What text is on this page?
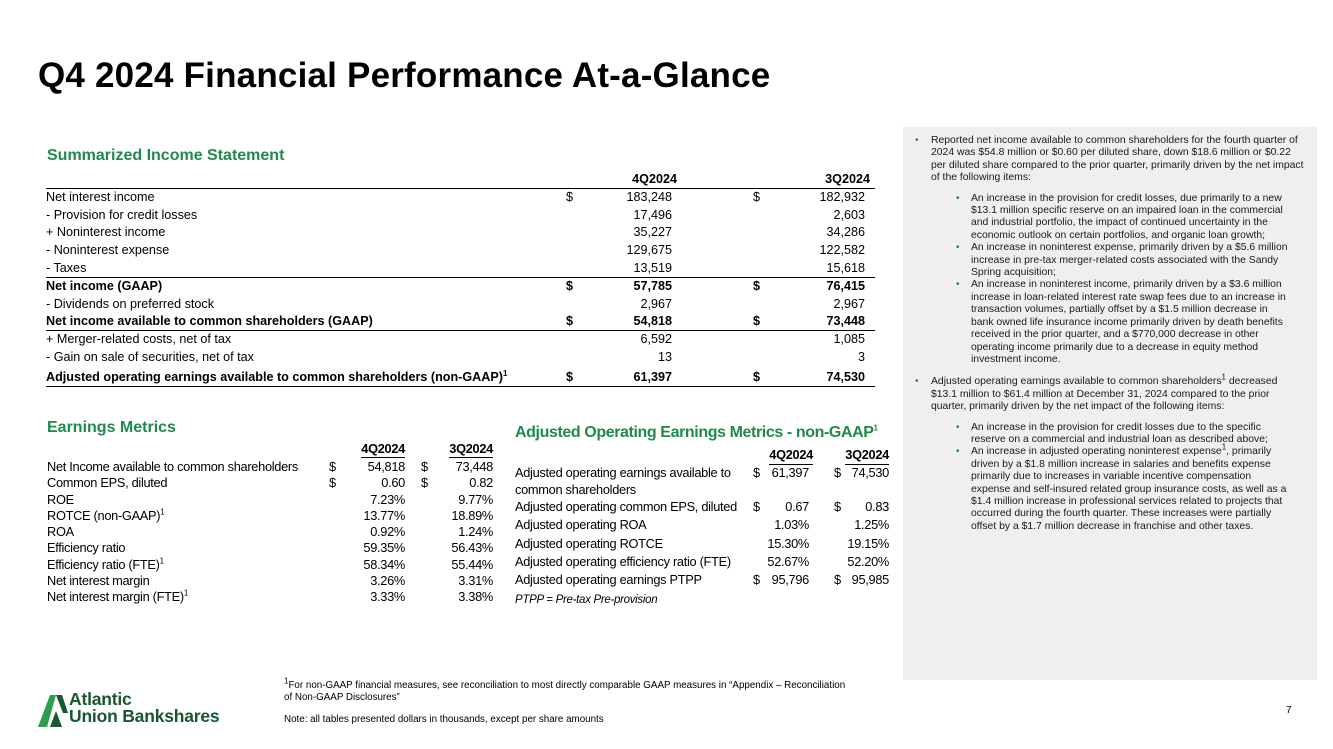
Q4 2024 Financial Performance At-a-Glance
Summarized Income Statement
4Q2024	3Q2024
Net interest income	$	183,248	$	182,932
- Provision for credit losses	17,496	2,603
+ Noninterest income	35,227	34,286
- Noninterest expense	129,675	122,582
- Taxes	13,519	15,618
Net income (GAAP)	$	57,785	$	76,415
- Dividends on preferred stock	2,967	2,967
Net income available to common shareholders (GAAP)	$	54,818	$	73,448
+ Merger-related costs, net of tax	6,592	1,085
- Gain on sale of securities, net of tax	13	3
Adjusted operating earnings available to common shareholders (non-GAAP)$^1$	$	61,397	$	74,530
Earnings Metrics
4Q2024	3Q2024
Net Income available to common shareholders $ 54,818 $ 73,448
Common EPS, diluted	$	0.60 $	0.82
ROE	7.23%	9.77%
ROTCE (non-GAAP)$^1$	13.77%	18.89%
ROA	0.92%	1.24%
Efficiency ratio	59.35%	56.43%
Efficiency ratio (FTE)$^1$	58.34%	55.44%
Net interest margin	3.26%	3.31%
Net interest margin (FTE)$^1$	3.33%	3.38%
Adjusted Operating Earnings Metrics - non-GAAP$^1$
4Q2024	3Q2024
Adjusted operating earnings available to common shareholders
$ 61,397 $ 74,530
Adjusted operating common EPS, diluted	$ 0.67 $ 0.83
Adjusted operating ROA	1.03%	1.25%
Adjusted operating ROTCE	15.30%	19.15%
Adjusted operating efficiency ratio (FTE)	52.67%	52.20%
Adjusted operating earnings PTPP	$ 95,796 $ 95,985
PTPP = Pre-tax Pre-provision
• Reported net income available to common shareholders for the fourth quarter of 2024 was $54.8 million or $0.60 per diluted share, down $18.6 million or $0.22 per diluted share compared to the prior quarter, primarily driven by the net impact of the following items:
• An increase in the provision for credit losses, due primarily to a new $13.1 million specific reserve on an impaired loan in the commercial and industrial portfolio, the impact of continued uncertainty in the economic outlook on certain portfolios, and organic loan growth;
• An increase in noninterest expense, primarily driven by a $5.6 million increase in pre-tax merger-related costs associated with the Sandy Spring acquisition;
• An increase in noninterest income, primarily driven by a $3.6 million increase in loan-related interest rate swap fees due to an increase in transaction volumes, partially offset by a $1.5 million decrease in bank owned life insurance income primarily driven by death benefits received in the prior quarter, and a $770,000 decrease in other operating income primarily due to a decrease in equity method investment income.
• Adjusted operating earnings available to common shareholders$^1$ decreased $13.1 million to $61.4 million at December 31, 2024 compared to the prior quarter, primarily driven by the net impact of the following items:
• An increase in the provision for credit losses due to the specific reserve on a commercial and industrial loan as described above;
• An increase in adjusted operating noninterest expense$^1$, primarily driven by a $1.8 million increase in salaries and benefits expense primarily due to increases in variable incentive compensation expense and self-insured related group insurance costs, as well as a $1.4 million increase in professional services related to projects that occurred during the fourth quarter. These increases were partially offset by a $1.7 million decrease in franchise and other taxes.
$^1$For non-GAAP financial measures, see reconciliation to most directly comparable GAAP measures in “Appendix – Reconciliation of Non-GAAP Disclosures”
Note: all tables presented dollars in thousands, except per share amounts
7
Atlantic
Union Bankshares
